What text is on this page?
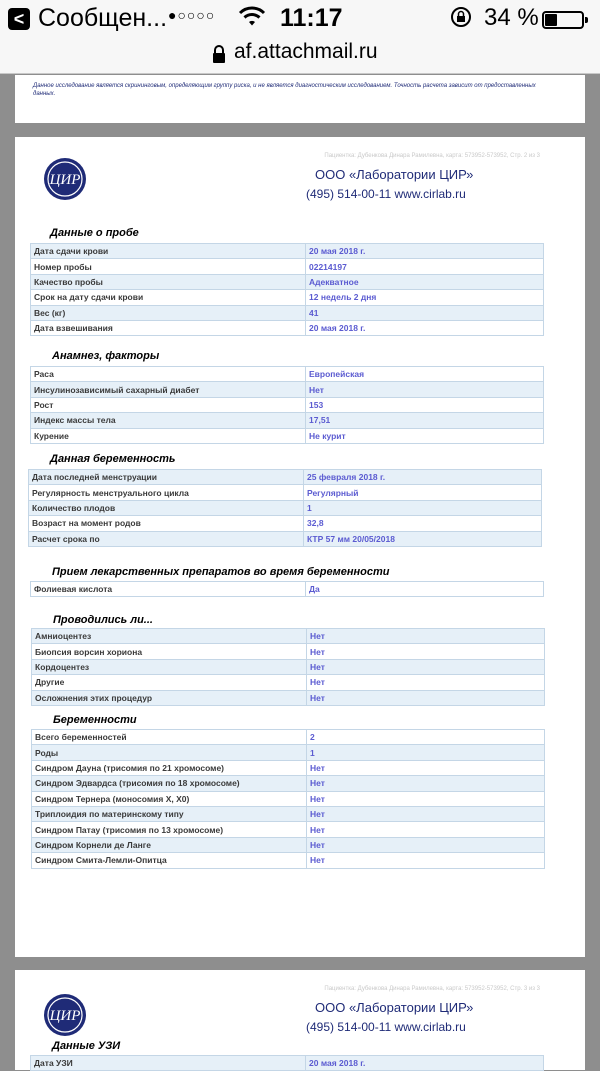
< Сообщен... ●○○○○	11:17	34 %
af.attachmail.ru
Данное исследование является скрининговым, определяющим группу риска, и не является диагностическим исследованием. Точность расчета зависит от предоставленных данных.
ЦИР
Пациентка: Дубенкова Динара Рамилевна, карта: 573952-573952, Стр. 2 из 3
ООО «Лаборатории ЦИР»
(495) 514-00-11 www.cirlab.ru
Данные о пробе
Дата сдачи крови	20 мая 2018 г.
Номер пробы	02214197
Качество пробы	Адекватное
Срок на дату сдачи крови	12 недель 2 дня
Вес (кг)	41
Дата взвешивания	20 мая 2018 г.
Анамнез, факторы
Раса	Европейская
Инсулинозависимый сахарный диабет	Нет
Рост	153
Индекс массы тела	17,51
Курение	Не курит
Данная беременность
Дата последней менструации	25 февраля 2018 г.
Регулярность менструального цикла	Регулярный
Количество плодов	1
Возраст на момент родов	32,8
Расчет срока по	КТР 57 мм 20/05/2018
Прием лекарственных препаратов во время беременности
Фолиевая кислота	Да
Проводились ли...
Амниоцентез	Нет
Биопсия ворсин хориона	Нет
Кордоцентез	Нет
Другие	Нет
Осложнения этих процедур	Нет
Беременности
Всего беременностей	2
Роды	1
Синдром Дауна (трисомия по 21 хромосоме)	Нет
Синдром Эдвардса (трисомия по 18 хромосоме)	Нет
Синдром Тернера (моносомия X, X0)	Нет
Триплоидия по материнскому типу	Нет
Синдром Патау (трисомия по 13 хромосоме)	Нет
Синдром Корнели де Ланге	Нет
Синдром Смита-Лемли-Опитца	Нет
ЦИР
Пациентка: Дубенкова Динара Рамилевна, карта: 573952-573952, Стр. 3 из 3
ООО «Лаборатории ЦИР»
(495) 514-00-11 www.cirlab.ru
Данные УЗИ
Дата УЗИ	20 мая 2018 г.
